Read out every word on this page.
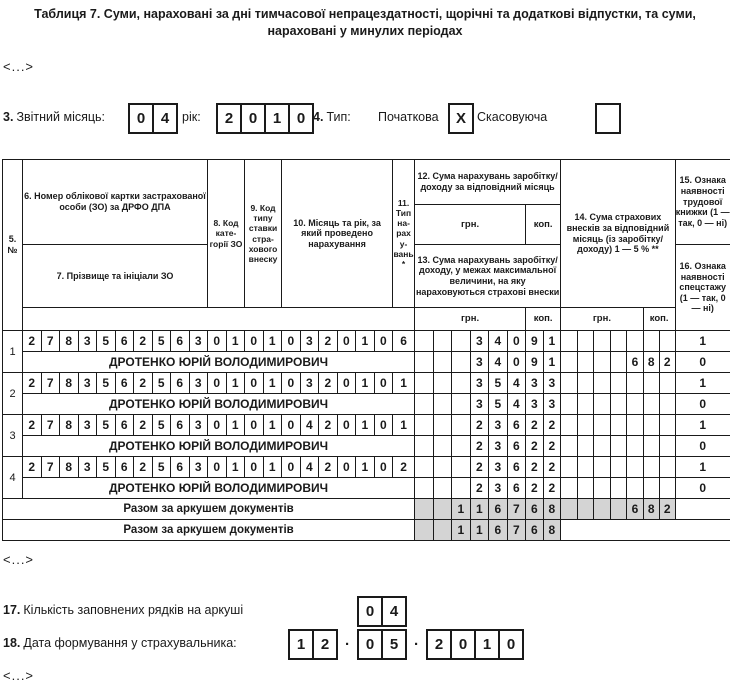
Таблиця 7. Суми, нараховані за дні тимчасової непрацездатності, щорічні та додаткові відпустки, та суми, нараховані у минулих періодах
<...>
3. Звітний місяць:	0	4	рік:	2	0	1	0 4. Тип: Початкова	X Скасовуюча
5. №	6. Номер облікової картки застрахованої особи (ЗО) за ДРФО ДПА										8. Код категорії ЗО		9. Код типу ставки страхового внеску		10. Місяць та рік, за який проведено нарахування						11. Тип нарахувань*	12. Сума нарахувань заробітку/доходу за відповідний місяць								14. Сума страхових внесків за відповідний місяць (із заробітку/доходу) 1 — 5 % **							15. Ознака наявності трудової книжки (1 — так, 0 — ні)
																						грн.						коп.									
	7. Прізвище та ініціали ЗО																					13. Сума нарахувань заробітку/доходу, у межах максимальної величини, на яку нараховуються страхові внески															16. Ознака наявності спецстажу (1 — так, 0 — ні)
																						грн.						коп.		грн.					коп.		
1	2	7	8	3	5	6	2	5	6	3	0	1	0	1	0	3	2	0	1	0	6				3	4	0	9	1								1
	ДРОТЕНКО ЮРІЙ ВОЛОДИМИРОВИЧ																								3	4	0	9	1					6	8	2	0
2	2	7	8	3	5	6	2	5	6	3	0	1	0	1	0	3	2	0	1	0	1				3	5	4	3	3								1
	ДРОТЕНКО ЮРІЙ ВОЛОДИМИРОВИЧ																								3	5	4	3	3								0
3	2	7	8	3	5	6	2	5	6	3	0	1	0	1	0	4	2	0	1	0	1				2	3	6	2	2								1
	ДРОТЕНКО ЮРІЙ ВОЛОДИМИРОВИЧ																								2	3	6	2	2								0
4	2	7	8	3	5	6	2	5	6	3	0	1	0	1	0	4	2	0	1	0	2				2	3	6	2	2								1
	ДРОТЕНКО ЮРІЙ ВОЛОДИМИРОВИЧ																								2	3	6	2	2								0
Разом за аркушем документів																								1	1	6	7	6	8					6	8	2	
Разом за аркушем документів																								1	1	6	7	6	8								
<...>
17. Кількість заповнених рядків на аркуші	0	4
18. Дата формування у страхувальника:	1	2	·	0	5	·	2	0	1	0
<...>
